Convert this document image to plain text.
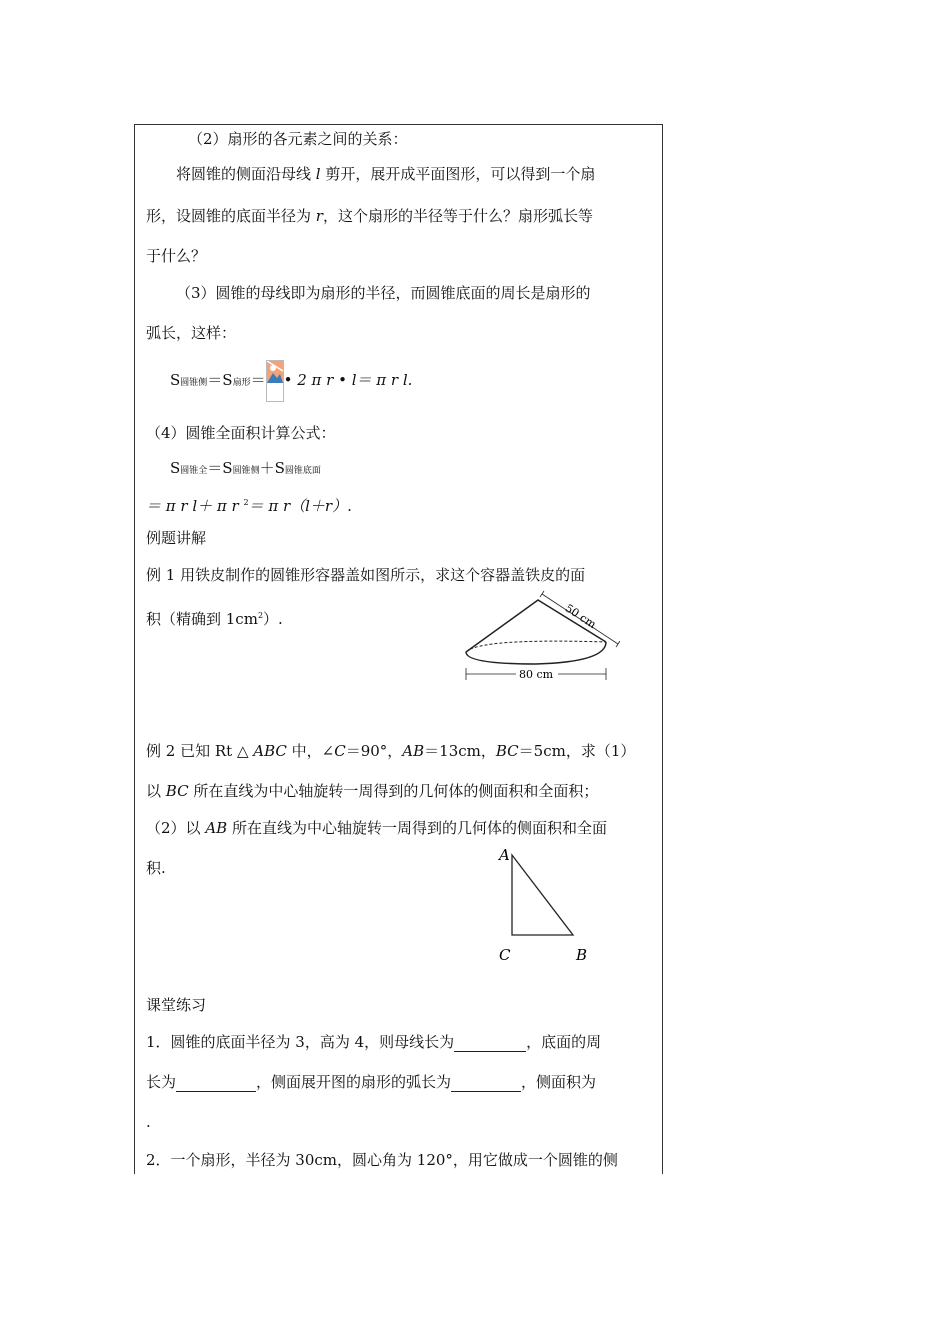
（2）扇形的各元素之间的关系：
将圆锥的侧面沿母线 l 剪开，展开成平面图形，可以得到一个扇
形，设圆锥的底面半径为 r，这个扇形的半径等于什么？扇形弧长等
于什么？
（3）圆锥的母线即为扇形的半径，而圆锥底面的周长是扇形的
弧长，这样：
S圆锥侧＝S扇形＝ • 2 π r • l＝ π r l.
（4）圆锥全面积计算公式：
S圆锥全＝S圆锥侧＋S圆锥底面
＝ π r l＋ π r $^2$＝ π r（l＋r）.
例题讲解
例 1 用铁皮制作的圆锥形容器盖如图所示，求这个容器盖铁皮的面
积（精确到 $1cm^2$）.	50 cm
80 cm
例 2 已知 Rt △ ABC 中，∠C＝90°，AB＝13cm，BC＝5cm，求（1）
以 BC 所在直线为中心轴旋转一周得到的几何体的侧面积和全面积；
（2）以 AB 所在直线为中心轴旋转一周得到的几何体的侧面积和全面
积.
A
C	B
课堂练习
1．圆锥的底面半径为 3，高为 4，则母线长为	，底面的周
长为	，侧面展开图的扇形的弧长为	，侧面积为
.
2．一个扇形，半径为 30cm，圆心角为 120°，用它做成一个圆锥的侧
